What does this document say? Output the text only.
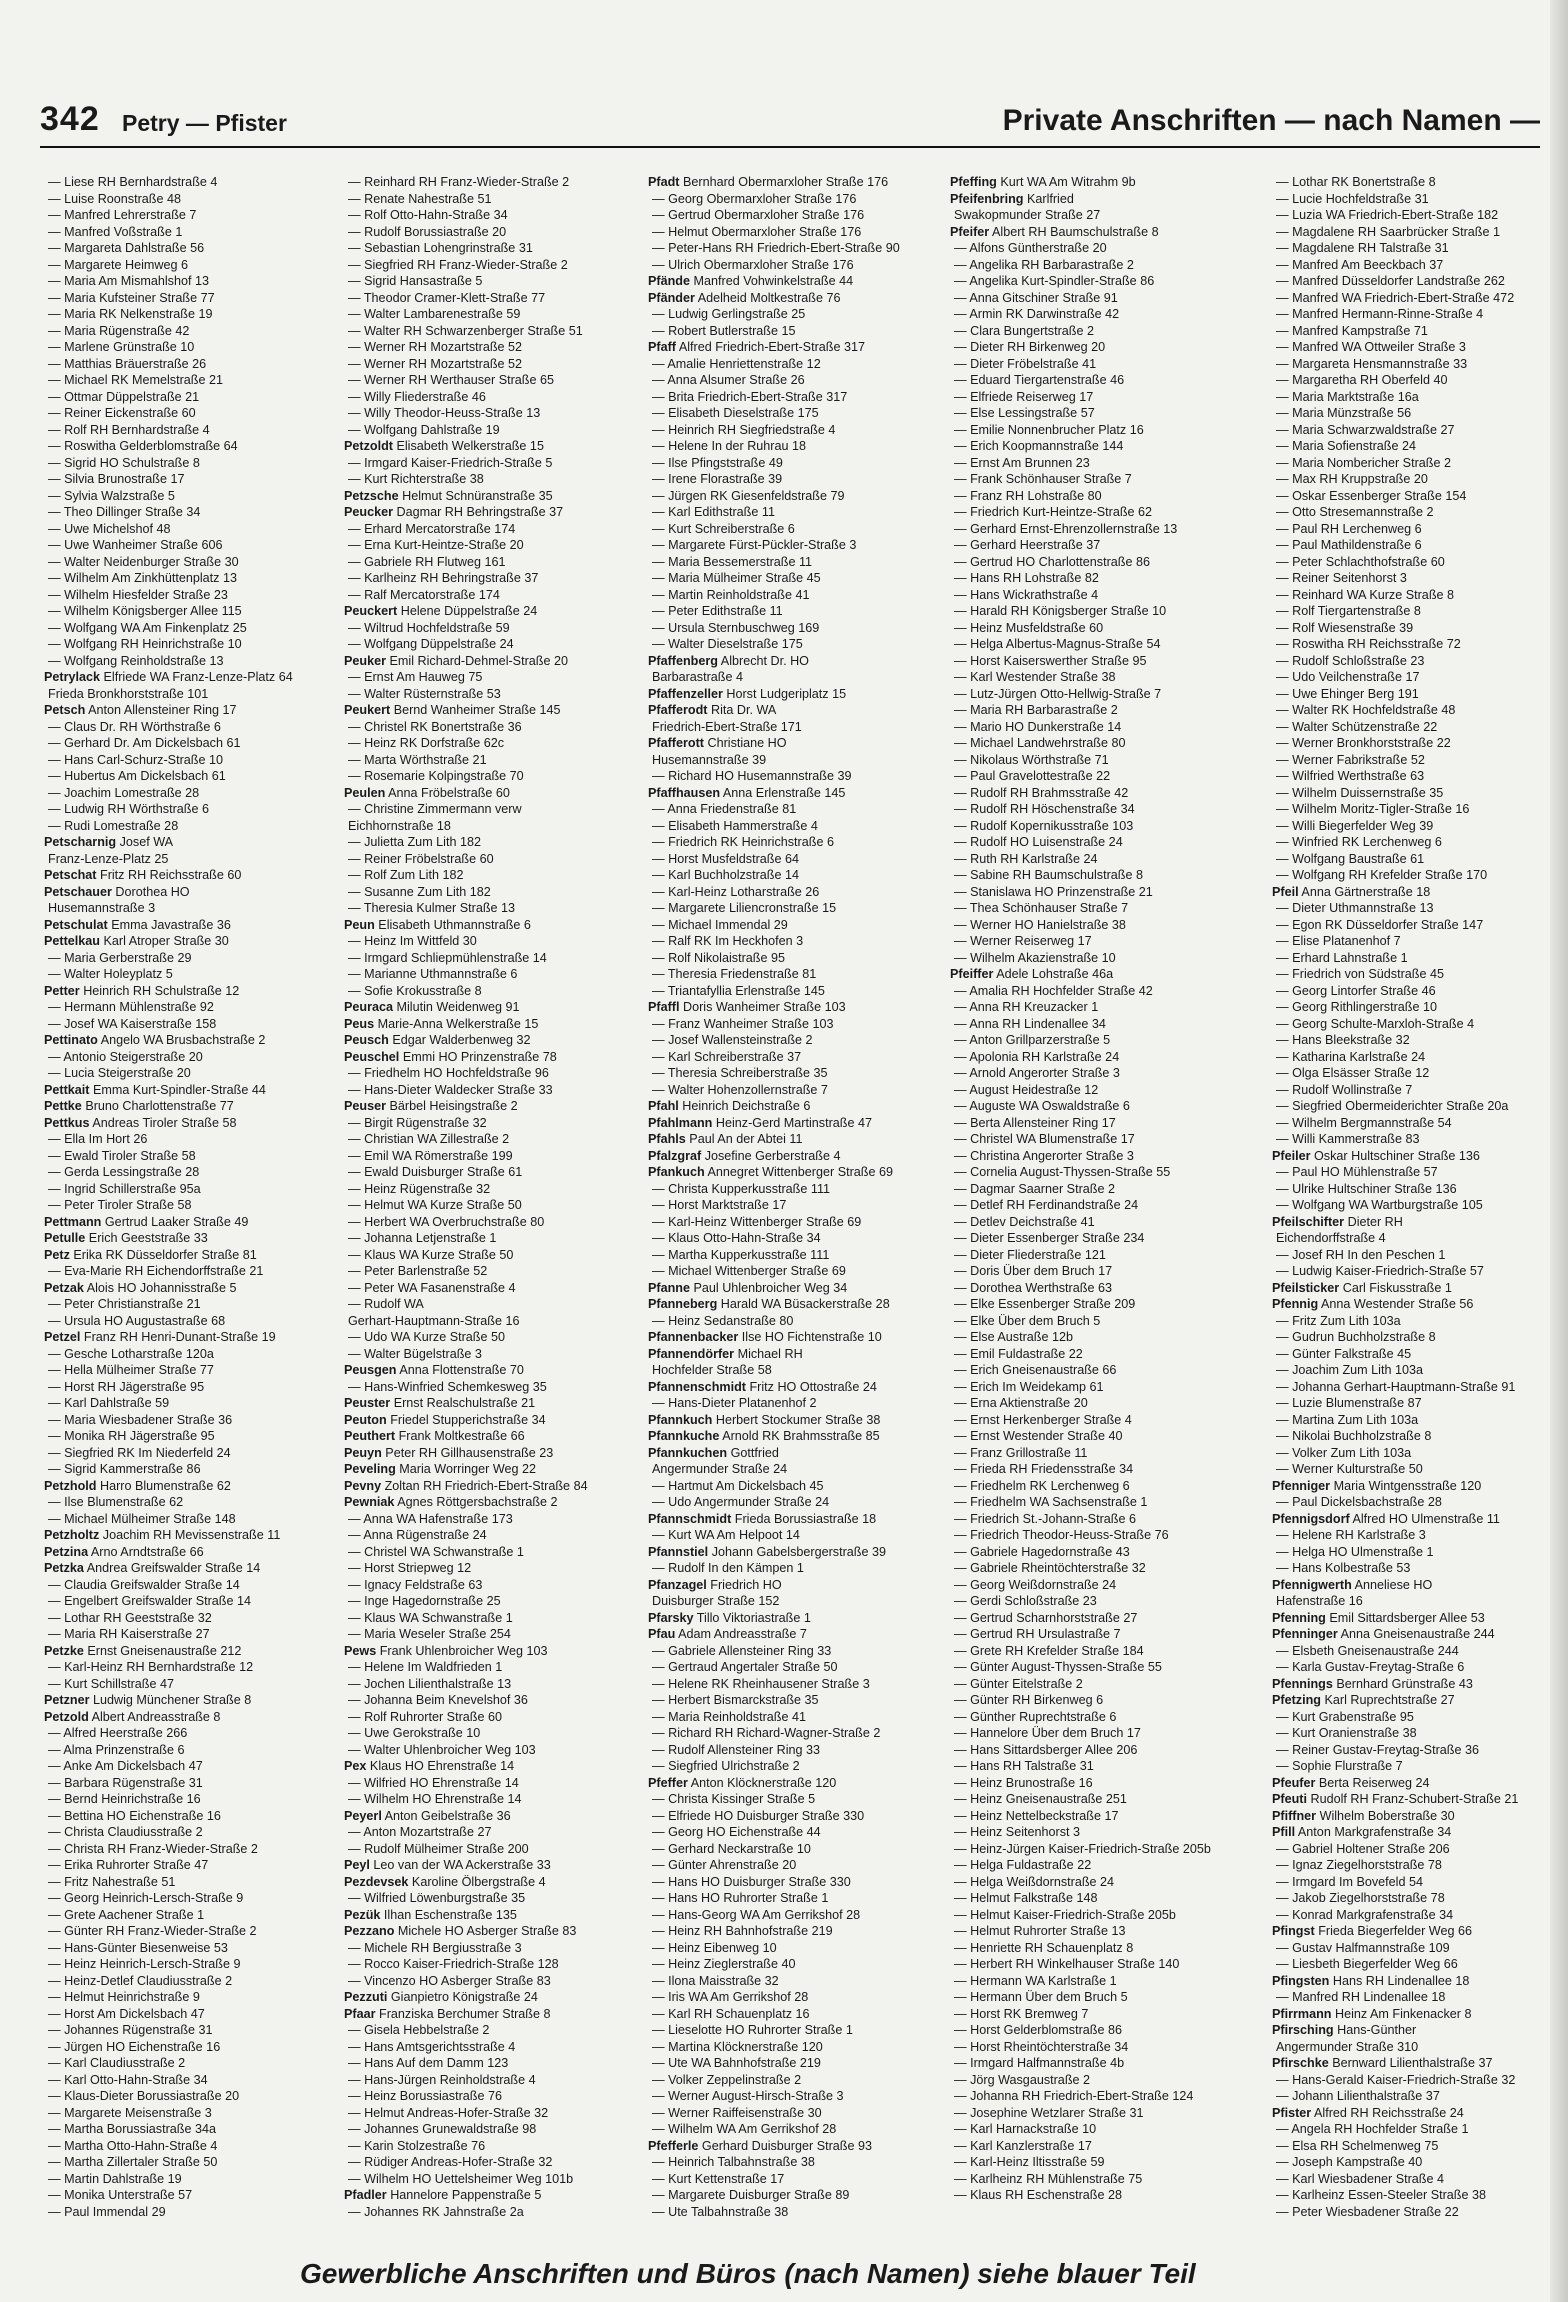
342 Petry — Pfister	Private Anschriften — nach Namen —
— Liese RH Bernhardstraße 4
— Luise Roonstraße 48
— Manfred Lehrerstraße 7
— Manfred Voßstraße 1
— Margareta Dahlstraße 56
— Margarete Heimweg 6
— Maria Am Mismahlshof 13
— Maria Kufsteiner Straße 77
— Maria RK Nelkenstraße 19
— Maria Rügenstraße 42
— Marlene Grünstraße 10
— Matthias Bräuerstraße 26
— Michael RK Memelstraße 21
— Ottmar Düppelstraße 21
— Reiner Eickenstraße 60
— Rolf RH Bernhardstraße 4
— Roswitha Gelderblomstraße 64
— Sigrid HO Schulstraße 8
— Silvia Brunostraße 17
— Sylvia Walzstraße 5
— Theo Dillinger Straße 34
— Uwe Michelshof 48
— Uwe Wanheimer Straße 606
— Walter Neidenburger Straße 30
— Wilhelm Am Zinkhüttenplatz 13
— Wilhelm Hiesfelder Straße 23
— Wilhelm Königsberger Allee 115
— Wolfgang WA Am Finkenplatz 25
— Wolfgang RH Heinrichstraße 10
— Wolfgang Reinholdstraße 13
Petrylack Elfriede WA Franz-Lenze-Platz 64
Frieda Bronkhorststraße 101
Petsch Anton Allensteiner Ring 17
— Claus Dr. RH Wörthstraße 6
— Gerhard Dr. Am Dickelsbach 61
— Hans Carl-Schurz-Straße 10
— Hubertus Am Dickelsbach 61
— Joachim Lomestraße 28
— Ludwig RH Wörthstraße 6
— Rudi Lomestraße 28
Petscharnig Josef WA
Franz-Lenze-Platz 25
Petschat Fritz RH Reichsstraße 60
Petschauer Dorothea HO
Husemannstraße 3
Petschulat Emma Javastraße 36
Pettelkau Karl Atroper Straße 30
— Maria Gerberstraße 29
— Walter Holeyplatz 5
Petter Heinrich RH Schulstraße 12
— Hermann Mühlenstraße 92
— Josef WA Kaiserstraße 158
Pettinato Angelo WA Brusbachstraße 2
— Antonio Steigerstraße 20
— Lucia Steigerstraße 20
Pettkait Emma Kurt-Spindler-Straße 44
Pettke Bruno Charlottenstraße 77
Pettkus Andreas Tiroler Straße 58
— Ella Im Hort 26
— Ewald Tiroler Straße 58
— Gerda Lessingstraße 28
— Ingrid Schillerstraße 95a
— Peter Tiroler Straße 58
Pettmann Gertrud Laaker Straße 49
Petulle Erich Geeststraße 33
Petz Erika RK Düsseldorfer Straße 81
— Eva-Marie RH Eichendorffstraße 21
Petzak Alois HO Johannisstraße 5
— Peter Christianstraße 21
— Ursula HO Augustastraße 68
Petzel Franz RH Henri-Dunant-Straße 19
— Gesche Lotharstraße 120a
— Hella Mülheimer Straße 77
— Horst RH Jägerstraße 95
— Karl Dahlstraße 59
— Maria Wiesbadener Straße 36
— Monika RH Jägerstraße 95
— Siegfried RK Im Niederfeld 24
— Sigrid Kammerstraße 86
Petzhold Harro Blumenstraße 62
— Ilse Blumenstraße 62
— Michael Mülheimer Straße 148
Petzholtz Joachim RH Mevissenstraße 11
Petzina Arno Arndtstraße 66
Petzka Andrea Greifswalder Straße 14
— Claudia Greifswalder Straße 14
— Engelbert Greifswalder Straße 14
— Lothar RH Geeststraße 32
— Maria RH Kaiserstraße 27
Petzke Ernst Gneisenaustraße 212
— Karl-Heinz RH Bernhardstraße 12
— Kurt Schillstraße 47
Petzner Ludwig Münchener Straße 8
Petzold Albert Andreasstraße 8
— Alfred Heerstraße 266
— Alma Prinzenstraße 6
— Anke Am Dickelsbach 47
— Barbara Rügenstraße 31
— Bernd Heinrichstraße 16
— Bettina HO Eichenstraße 16
— Christa Claudiusstraße 2
— Christa RH Franz-Wieder-Straße 2
— Erika Ruhrorter Straße 47
— Fritz Nahestraße 51
— Georg Heinrich-Lersch-Straße 9
— Grete Aachener Straße 1
— Günter RH Franz-Wieder-Straße 2
— Hans-Günter Biesenweise 53
— Heinz Heinrich-Lersch-Straße 9
— Heinz-Detlef Claudiusstraße 2
— Helmut Heinrichstraße 9
— Horst Am Dickelsbach 47
— Johannes Rügenstraße 31
— Jürgen HO Eichenstraße 16
— Karl Claudiusstraße 2
— Karl Otto-Hahn-Straße 34
— Klaus-Dieter Borussiastraße 20
— Margarete Meisenstraße 3
— Martha Borussiastraße 34a
— Martha Otto-Hahn-Straße 4
— Martha Zillertaler Straße 50
— Martin Dahlstraße 19
— Monika Unterstraße 57
— Paul Immendal 29
— Reinhard RH Franz-Wieder-Straße 2
— Renate Nahestraße 51
— Rolf Otto-Hahn-Straße 34
— Rudolf Borussiastraße 20
— Sebastian Lohengrinstraße 31
— Siegfried RH Franz-Wieder-Straße 2
— Sigrid Hansastraße 5
— Theodor Cramer-Klett-Straße 77
— Walter Lambarenestraße 59
— Walter RH Schwarzenberger Straße 51
— Werner RH Mozartstraße 52
— Werner RH Mozartstraße 52
— Werner RH Werthauser Straße 65
— Willy Fliederstraße 46
— Willy Theodor-Heuss-Straße 13
— Wolfgang Dahlstraße 19
Petzoldt Elisabeth Welkerstraße 15
— Irmgard Kaiser-Friedrich-Straße 5
— Kurt Richterstraße 38
Petzsche Helmut Schnüranstraße 35
Peucker Dagmar RH Behringstraße 37
— Erhard Mercatorstraße 174
— Erna Kurt-Heintze-Straße 20
— Gabriele RH Flutweg 161
— Karlheinz RH Behringstraße 37
— Ralf Mercatorstraße 174
Peuckert Helene Düppelstraße 24
— Wiltrud Hochfeldstraße 59
— Wolfgang Düppelstraße 24
Peuker Emil Richard-Dehmel-Straße 20
— Ernst Am Hauweg 75
— Walter Rüsternstraße 53
Peukert Bernd Wanheimer Straße 145
— Christel RK Bonertstraße 36
— Heinz RK Dorfstraße 62c
— Marta Wörthstraße 21
— Rosemarie Kolpingstraße 70
Peulen Anna Fröbelstraße 60
— Christine Zimmermann verw
Eichhornstraße 18
— Julietta Zum Lith 182
— Reiner Fröbelstraße 60
— Rolf Zum Lith 182
— Susanne Zum Lith 182
— Theresia Kulmer Straße 13
Peun Elisabeth Uthmannstraße 6
— Heinz Im Wittfeld 30
— Irmgard Schliepmühlenstraße 14
— Marianne Uthmannstraße 6
— Sofie Krokusstraße 8
Peuraca Milutin Weidenweg 91
Peus Marie-Anna Welkerstraße 15
Peusch Edgar Walderbenweg 32
Peuschel Emmi HO Prinzenstraße 78
— Friedhelm HO Hochfeldstraße 96
— Hans-Dieter Waldecker Straße 33
Peuser Bärbel Heisingstraße 2
— Birgit Rügenstraße 32
— Christian WA Zillestraße 2
— Emil WA Römerstraße 199
— Ewald Duisburger Straße 61
— Heinz Rügenstraße 32
— Helmut WA Kurze Straße 50
— Herbert WA Overbruchstraße 80
— Johanna Letjenstraße 1
— Klaus WA Kurze Straße 50
— Peter Barlenstraße 52
— Peter WA Fasanenstraße 4
— Rudolf WA
Gerhart-Hauptmann-Straße 16
— Udo WA Kurze Straße 50
— Walter Bügelstraße 3
Peusgen Anna Flottenstraße 70
— Hans-Winfried Schemkesweg 35
Peuster Ernst Realschulstraße 21
Peuton Friedel Stupperichstraße 34
Peuthert Frank Moltkestraße 66
Peuyn Peter RH Gillhausenstraße 23
Peveling Maria Worringer Weg 22
Pevny Zoltan RH Friedrich-Ebert-Straße 84
Pewniak Agnes Röttgersbachstraße 2
— Anna WA Hafenstraße 173
— Anna Rügenstraße 24
— Christel WA Schwanstraße 1
— Horst Striepweg 12
— Ignacy Feldstraße 63
— Inge Hagedornstraße 25
— Klaus WA Schwanstraße 1
— Maria Weseler Straße 254
Pews Frank Uhlenbroicher Weg 103
— Helene Im Waldfrieden 1
— Jochen Lilienthalstraße 13
— Johanna Beim Knevelshof 36
— Rolf Ruhrorter Straße 60
— Uwe Gerokstraße 10
— Walter Uhlenbroicher Weg 103
Pex Klaus HO Ehrenstraße 14
— Wilfried HO Ehrenstraße 14
— Wilhelm HO Ehrenstraße 14
Peyerl Anton Geibelstraße 36
— Anton Mozartstraße 27
— Rudolf Mülheimer Straße 200
Peyl Leo van der WA Ackerstraße 33
Pezdevsek Karoline Ölbergstraße 4
— Wilfried Löwenburgstraße 35
Pezük Ilhan Eschenstraße 135
Pezzano Michele HO Asberger Straße 83
— Michele RH Bergiusstraße 3
— Rocco Kaiser-Friedrich-Straße 128
— Vincenzo HO Asberger Straße 83
Pezzuti Gianpietro Königstraße 24
Pfaar Franziska Berchumer Straße 8
— Gisela Hebbelstraße 2
— Hans Amtsgerichtsstraße 4
— Hans Auf dem Damm 123
— Hans-Jürgen Reinholdstraße 4
— Heinz Borussiastraße 76
— Helmut Andreas-Hofer-Straße 32
— Johannes Grunewaldstraße 98
— Karin Stolzestraße 76
— Rüdiger Andreas-Hofer-Straße 32
— Wilhelm HO Uettelsheimer Weg 101b
Pfadler Hannelore Pappenstraße 5
— Johannes RK Jahnstraße 2a
Pfadt Bernhard Obermarxloher Straße 176
— Georg Obermarxloher Straße 176
— Gertrud Obermarxloher Straße 176
— Helmut Obermarxloher Straße 176
— Peter-Hans RH Friedrich-Ebert-Straße 90
— Ulrich Obermarxloher Straße 176
Pfände Manfred Vohwinkelstraße 44
Pfänder Adelheid Moltkestraße 76
— Ludwig Gerlingstraße 25
— Robert Butlerstraße 15
Pfaff Alfred Friedrich-Ebert-Straße 317
— Amalie Henriettenstraße 12
— Anna Alsumer Straße 26
— Brita Friedrich-Ebert-Straße 317
— Elisabeth Dieselstraße 175
— Heinrich RH Siegfriedstraße 4
— Helene In der Ruhrau 18
— Ilse Pfingststraße 49
— Irene Florastraße 39
— Jürgen RK Giesenfeldstraße 79
— Karl Edithstraße 11
— Kurt Schreiberstraße 6
— Margarete Fürst-Pückler-Straße 3
— Maria Bessemerstraße 11
— Maria Mülheimer Straße 45
— Martin Reinholdstraße 41
— Peter Edithstraße 11
— Ursula Sternbuschweg 169
— Walter Dieselstraße 175
Pfaffenberg Albrecht Dr. HO
Barbarastraße 4
Pfaffenzeller Horst Ludgeriplatz 15
Pfafferodt Rita Dr. WA
Friedrich-Ebert-Straße 171
Pfafferott Christiane HO
Husemannstraße 39
— Richard HO Husemannstraße 39
Pfaffhausen Anna Erlenstraße 145
— Anna Friedenstraße 81
— Elisabeth Hammerstraße 4
— Friedrich RK Heinrichstraße 6
— Horst Musfeldstraße 64
— Karl Buchholzstraße 14
— Karl-Heinz Lotharstraße 26
— Margarete Liliencronstraße 15
— Michael Immendal 29
— Ralf RK Im Heckhofen 3
— Rolf Nikolaistraße 95
— Theresia Friedenstraße 81
— Triantafyllia Erlenstraße 145
Pfaffl Doris Wanheimer Straße 103
— Franz Wanheimer Straße 103
— Josef Wallensteinstraße 2
— Karl Schreiberstraße 37
— Theresia Schreiberstraße 35
— Walter Hohenzollernstraße 7
Pfahl Heinrich Deichstraße 6
Pfahlmann Heinz-Gerd Martinstraße 47
Pfahls Paul An der Abtei 11
Pfalzgraf Josefine Gerberstraße 4
Pfankuch Annegret Wittenberger Straße 69
— Christa Kupperkusstraße 111
— Horst Marktstraße 17
— Karl-Heinz Wittenberger Straße 69
— Klaus Otto-Hahn-Straße 34
— Martha Kupperkusstraße 111
— Michael Wittenberger Straße 69
Pfanne Paul Uhlenbroicher Weg 34
Pfanneberg Harald WA Büsackerstraße 28
— Heinz Sedanstraße 80
Pfannenbacker Ilse HO Fichtenstraße 10
Pfannendörfer Michael RH
Hochfelder Straße 58
Pfannenschmidt Fritz HO Ottostraße 24
— Hans-Dieter Platanenhof 2
Pfannkuch Herbert Stockumer Straße 38
Pfannkuche Arnold RK Brahmsstraße 85
Pfannkuchen Gottfried
Angermunder Straße 24
— Hartmut Am Dickelsbach 45
— Udo Angermunder Straße 24
Pfannschmidt Frieda Borussiastraße 18
— Kurt WA Am Helpoot 14
Pfannstiel Johann Gabelsbergerstraße 39
— Rudolf In den Kämpen 1
Pfanzagel Friedrich HO
Duisburger Straße 152
Pfarsky Tillo Viktoriastraße 1
Pfau Adam Andreasstraße 7
— Gabriele Allensteiner Ring 33
— Gertraud Angertaler Straße 50
— Helene RK Rheinhausener Straße 3
— Herbert Bismarckstraße 35
— Maria Reinholdstraße 41
— Richard RH Richard-Wagner-Straße 2
— Rudolf Allensteiner Ring 33
— Siegfried Ulrichstraße 2
Pfeffer Anton Klöcknerstraße 120
— Christa Kissinger Straße 5
— Elfriede HO Duisburger Straße 330
— Georg HO Eichenstraße 44
— Gerhard Neckarstraße 10
— Günter Ahrenstraße 20
— Hans HO Duisburger Straße 330
— Hans HO Ruhrorter Straße 1
— Hans-Georg WA Am Gerrikshof 28
— Heinz RH Bahnhofstraße 219
— Heinz Eibenweg 10
— Heinz Zieglerstraße 40
— Ilona Maisstraße 32
— Iris WA Am Gerrikshof 28
— Karl RH Schauenplatz 16
— Lieselotte HO Ruhrorter Straße 1
— Martina Klöcknerstraße 120
— Ute WA Bahnhofstraße 219
— Volker Zeppelinstraße 2
— Werner August-Hirsch-Straße 3
— Werner Raiffeisenstraße 30
— Wilhelm WA Am Gerrikshof 28
Pfefferle Gerhard Duisburger Straße 93
— Heinrich Talbahnstraße 38
— Kurt Kettenstraße 17
— Margarete Duisburger Straße 89
— Ute Talbahnstraße 38
Pfeffing Kurt WA Am Witrahm 9b
Pfeifenbring Karlfried
Swakopmunder Straße 27
Pfeifer Albert RH Baumschulstraße 8
— Alfons Güntherstraße 20
— Angelika RH Barbarastraße 2
— Angelika Kurt-Spindler-Straße 86
— Anna Gitschiner Straße 91
— Armin RK Darwinstraße 42
— Clara Bungertstraße 2
— Dieter RH Birkenweg 20
— Dieter Fröbelstraße 41
— Eduard Tiergartenstraße 46
— Elfriede Reiserweg 17
— Else Lessingstraße 57
— Emilie Nonnenbrucher Platz 16
— Erich Koopmannstraße 144
— Ernst Am Brunnen 23
— Frank Schönhauser Straße 7
— Franz RH Lohstraße 80
— Friedrich Kurt-Heintze-Straße 62
— Gerhard Ernst-Ehrenzollernstraße 13
— Gerhard Heerstraße 37
— Gertrud HO Charlottenstraße 86
— Hans RH Lohstraße 82
— Hans Wickrathstraße 4
— Harald RH Königsberger Straße 10
— Heinz Musfeldstraße 60
— Helga Albertus-Magnus-Straße 54
— Horst Kaiserswerther Straße 95
— Karl Westender Straße 38
— Lutz-Jürgen Otto-Hellwig-Straße 7
— Maria RH Barbarastraße 2
— Mario HO Dunkerstraße 14
— Michael Landwehrstraße 80
— Nikolaus Wörthstraße 71
— Paul Gravelottestraße 22
— Rudolf RH Brahmsstraße 42
— Rudolf RH Höschenstraße 34
— Rudolf Kopernikusstraße 103
— Rudolf HO Luisenstraße 24
— Ruth RH Karlstraße 24
— Sabine RH Baumschulstraße 8
— Stanislawa HO Prinzenstraße 21
— Thea Schönhauser Straße 7
— Werner HO Hanielstraße 38
— Werner Reiserweg 17
— Wilhelm Akazienstraße 10
Pfeiffer Adele Lohstraße 46a
— Amalia RH Hochfelder Straße 42
— Anna RH Kreuzacker 1
— Anna RH Lindenallee 34
— Anton Grillparzerstraße 5
— Apolonia RH Karlstraße 24
— Arnold Angerorter Straße 3
— August Heidestraße 12
— Auguste WA Oswaldstraße 6
— Berta Allensteiner Ring 17
— Christel WA Blumenstraße 17
— Christina Angerorter Straße 3
— Cornelia August-Thyssen-Straße 55
— Dagmar Saarner Straße 2
— Detlef RH Ferdinandstraße 24
— Detlev Deichstraße 41
— Dieter Essenberger Straße 234
— Dieter Fliederstraße 121
— Doris Über dem Bruch 17
— Dorothea Werthstraße 63
— Elke Essenberger Straße 209
— Elke Über dem Bruch 5
— Else Austraße 12b
— Emil Fuldastraße 22
— Erich Gneisenaustraße 66
— Erich Im Weidekamp 61
— Erna Aktienstraße 20
— Ernst Herkenberger Straße 4
— Ernst Westender Straße 40
— Franz Grillostraße 11
— Frieda RH Friedensstraße 34
— Friedhelm RK Lerchenweg 6
— Friedhelm WA Sachsenstraße 1
— Friedrich St.-Johann-Straße 6
— Friedrich Theodor-Heuss-Straße 76
— Gabriele Hagedornstraße 43
— Gabriele Rheintöchterstraße 32
— Georg Weißdornstraße 24
— Gerdi Schloßstraße 23
— Gertrud Scharnhorststraße 27
— Gertrud RH Ursulastraße 7
— Grete RH Krefelder Straße 184
— Günter August-Thyssen-Straße 55
— Günter Eitelstraße 2
— Günter RH Birkenweg 6
— Günther Ruprechtstraße 6
— Hannelore Über dem Bruch 17
— Hans Sittardsberger Allee 206
— Hans RH Talstraße 31
— Heinz Brunostraße 16
— Heinz Gneisenaustraße 251
— Heinz Nettelbeckstraße 17
— Heinz Seitenhorst 3
— Heinz-Jürgen Kaiser-Friedrich-Straße 205b
— Helga Fuldastraße 22
— Helga Weißdornstraße 24
— Helmut Falkstraße 148
— Helmut Kaiser-Friedrich-Straße 205b
— Helmut Ruhrorter Straße 13
— Henriette RH Schauenplatz 8
— Herbert RH Winkelhauser Straße 140
— Hermann WA Karlstraße 1
— Hermann Über dem Bruch 5
— Horst RK Bremweg 7
— Horst Gelderblomstraße 86
— Horst Rheintöchterstraße 34
— Irmgard Halfmannstraße 4b
— Jörg Wasgaustraße 2
— Johanna RH Friedrich-Ebert-Straße 124
— Josephine Wetzlarer Straße 31
— Karl Harnackstraße 10
— Karl Kanzlerstraße 17
— Karl-Heinz Iltisstraße 59
— Karlheinz RH Mühlenstraße 75
— Klaus RH Eschenstraße 28
— Lothar RK Bonertstraße 8
— Lucie Hochfeldstraße 31
— Luzia WA Friedrich-Ebert-Straße 182
— Magdalene RH Saarbrücker Straße 1
— Magdalene RH Talstraße 31
— Manfred Am Beeckbach 37
— Manfred Düsseldorfer Landstraße 262
— Manfred WA Friedrich-Ebert-Straße 472
— Manfred Hermann-Rinne-Straße 4
— Manfred Kampstraße 71
— Manfred WA Ottweiler Straße 3
— Margareta Hensmannstraße 33
— Margaretha RH Oberfeld 40
— Maria Marktstraße 16a
— Maria Münzstraße 56
— Maria Schwarzwaldstraße 27
— Maria Sofienstraße 24
— Maria Nombericher Straße 2
— Max RH Kruppstraße 20
— Oskar Essenberger Straße 154
— Otto Stresemannstraße 2
— Paul RH Lerchenweg 6
— Paul Mathildenstraße 6
— Peter Schlachthofstraße 60
— Reiner Seitenhorst 3
— Reinhard WA Kurze Straße 8
— Rolf Tiergartenstraße 8
— Rolf Wiesenstraße 39
— Roswitha RH Reichsstraße 72
— Rudolf Schloßstraße 23
— Udo Veilchenstraße 17
— Uwe Ehinger Berg 191
— Walter RK Hochfeldstraße 48
— Walter Schützenstraße 22
— Werner Bronkhorststraße 22
— Werner Fabrikstraße 52
— Wilfried Werthstraße 63
— Wilhelm Duissernstraße 35
— Wilhelm Moritz-Tigler-Straße 16
— Willi Biegerfelder Weg 39
— Winfried RK Lerchenweg 6
— Wolfgang Baustraße 61
— Wolfgang RH Krefelder Straße 170
Pfeil Anna Gärtnerstraße 18
— Dieter Uthmannstraße 13
— Egon RK Düsseldorfer Straße 147
— Elise Platanenhof 7
— Erhard Lahnstraße 1
— Friedrich von Südstraße 45
— Georg Lintorfer Straße 46
— Georg Rithlingerstraße 10
— Georg Schulte-Marxloh-Straße 4
— Hans Bleekstraße 32
— Katharina Karlstraße 24
— Olga Elsässer Straße 12
— Rudolf Wollinstraße 7
— Siegfried Obermeiderichter Straße 20a
— Wilhelm Bergmannstraße 54
— Willi Kammerstraße 83
Pfeiler Oskar Hultschiner Straße 136
— Paul HO Mühlenstraße 57
— Ulrike Hultschiner Straße 136
— Wolfgang WA Wartburgstraße 105
Pfeilschifter Dieter RH
Eichendorffstraße 4
— Josef RH In den Peschen 1
— Ludwig Kaiser-Friedrich-Straße 57
Pfeilsticker Carl Fiskusstraße 1
Pfennig Anna Westender Straße 56
— Fritz Zum Lith 103a
— Gudrun Buchholzstraße 8
— Günter Falkstraße 45
— Joachim Zum Lith 103a
— Johanna Gerhart-Hauptmann-Straße 91
— Luzie Blumenstraße 87
— Martina Zum Lith 103a
— Nikolai Buchholzstraße 8
— Volker Zum Lith 103a
— Werner Kulturstraße 50
Pfenniger Maria Wintgensstraße 120
— Paul Dickelsbachstraße 28
Pfennigsdorf Alfred HO Ulmenstraße 11
— Helene RH Karlstraße 3
— Helga HO Ulmenstraße 1
— Hans Kolbestraße 53
Pfennigwerth Anneliese HO
Hafenstraße 16
Pfenning Emil Sittardsberger Allee 53
Pfenninger Anna Gneisenaustraße 244
— Elsbeth Gneisenaustraße 244
— Karla Gustav-Freytag-Straße 6
Pfennings Bernhard Grünstraße 43
Pfetzing Karl Ruprechtstraße 27
— Kurt Grabenstraße 95
— Kurt Oranienstraße 38
— Reiner Gustav-Freytag-Straße 36
— Sophie Flurstraße 7
Pfeufer Berta Reiserweg 24
Pfeuti Rudolf RH Franz-Schubert-Straße 21
Pfiffner Wilhelm Boberstraße 30
Pfill Anton Markgrafenstraße 34
— Gabriel Holtener Straße 206
— Ignaz Ziegelhorststraße 78
— Irmgard Im Bovefeld 54
— Jakob Ziegelhorststraße 78
— Konrad Markgrafenstraße 34
Pfingst Frieda Biegerfelder Weg 66
— Gustav Halfmannstraße 109
— Liesbeth Biegerfelder Weg 66
Pfingsten Hans RH Lindenallee 18
— Manfred RH Lindenallee 18
Pfirrmann Heinz Am Finkenacker 8
Pfirsching Hans-Günther
Angermunder Straße 310
Pfirschke Bernward Lilienthalstraße 37
— Hans-Gerald Kaiser-Friedrich-Straße 32
— Johann Lilienthalstraße 37
Pfister Alfred RH Reichsstraße 24
— Angela RH Hochfelder Straße 1
— Elsa RH Schelmenweg 75
— Joseph Kampstraße 40
— Karl Wiesbadener Straße 4
— Karlheinz Essen-Steeler Straße 38
— Peter Wiesbadener Straße 22
Gewerbliche Anschriften und Büros (nach Namen) siehe blauer Teil
